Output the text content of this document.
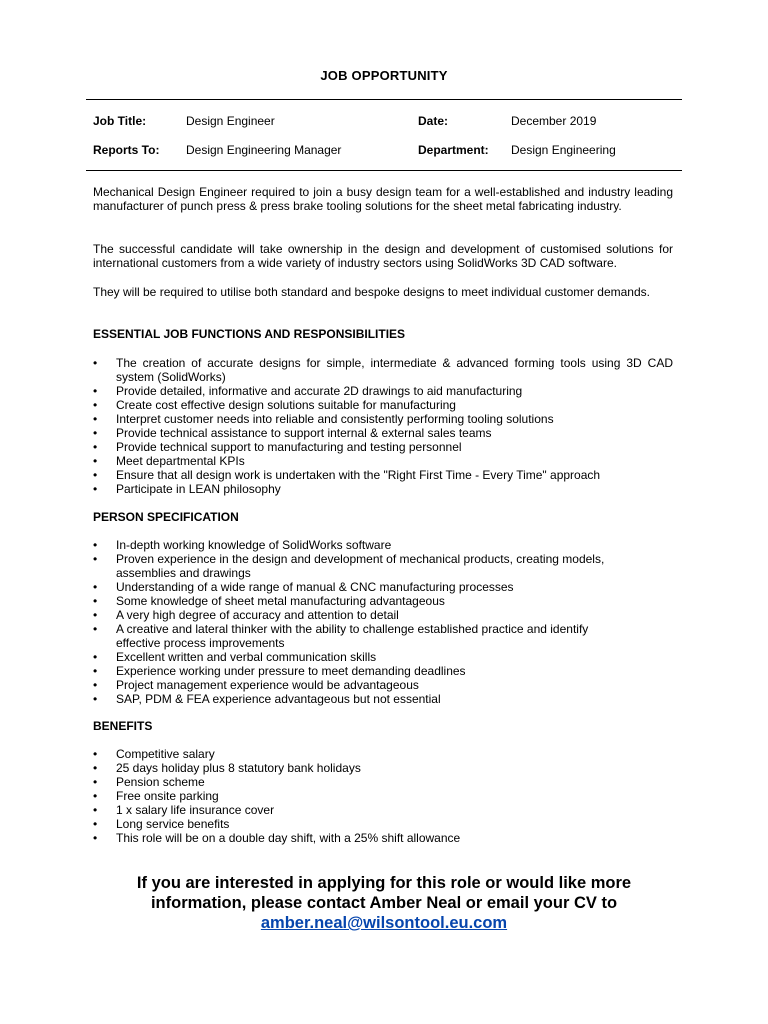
JOB OPPORTUNITY
Job Title:	Design Engineer	Date:	December 2019
Reports To: Design Engineering Manager	Department: Design Engineering
Mechanical Design Engineer required to join a busy design team for a well-established and industry leading manufacturer of punch press & press brake tooling solutions for the sheet metal fabricating industry.
The successful candidate will take ownership in the design and development of customised solutions for international customers from a wide variety of industry sectors using SolidWorks 3D CAD software.
They will be required to utilise both standard and bespoke designs to meet individual customer demands.
ESSENTIAL JOB FUNCTIONS AND RESPONSIBILITIES
•	The creation of accurate designs for simple, intermediate & advanced forming tools using 3D CAD system (SolidWorks)
•	Provide detailed, informative and accurate 2D drawings to aid manufacturing
•	Create cost effective design solutions suitable for manufacturing
•	Interpret customer needs into reliable and consistently performing tooling solutions
•	Provide technical assistance to support internal & external sales teams
•	Provide technical support to manufacturing and testing personnel
•	Meet departmental KPIs
•	Ensure that all design work is undertaken with the "Right First Time - Every Time" approach
•	Participate in LEAN philosophy
PERSON SPECIFICATION
•	In-depth working knowledge of SolidWorks software
•	Proven experience in the design and development of mechanical products, creating models, assemblies and drawings
•	Understanding of a wide range of manual & CNC manufacturing processes
•	Some knowledge of sheet metal manufacturing advantageous
•	A very high degree of accuracy and attention to detail
•	A creative and lateral thinker with the ability to challenge established practice and identify effective process improvements
•	Excellent written and verbal communication skills
•	Experience working under pressure to meet demanding deadlines
•	Project management experience would be advantageous
•	SAP, PDM & FEA experience advantageous but not essential
BENEFITS
•	Competitive salary
•	25 days holiday plus 8 statutory bank holidays
•	Pension scheme
•	Free onsite parking
•	1 x salary life insurance cover
•	Long service benefits
•	This role will be on a double day shift, with a 25% shift allowance
If you are interested in applying for this role or would like more
information, please contact Amber Neal or email your CV to
amber.neal@wilsontool.eu.com
